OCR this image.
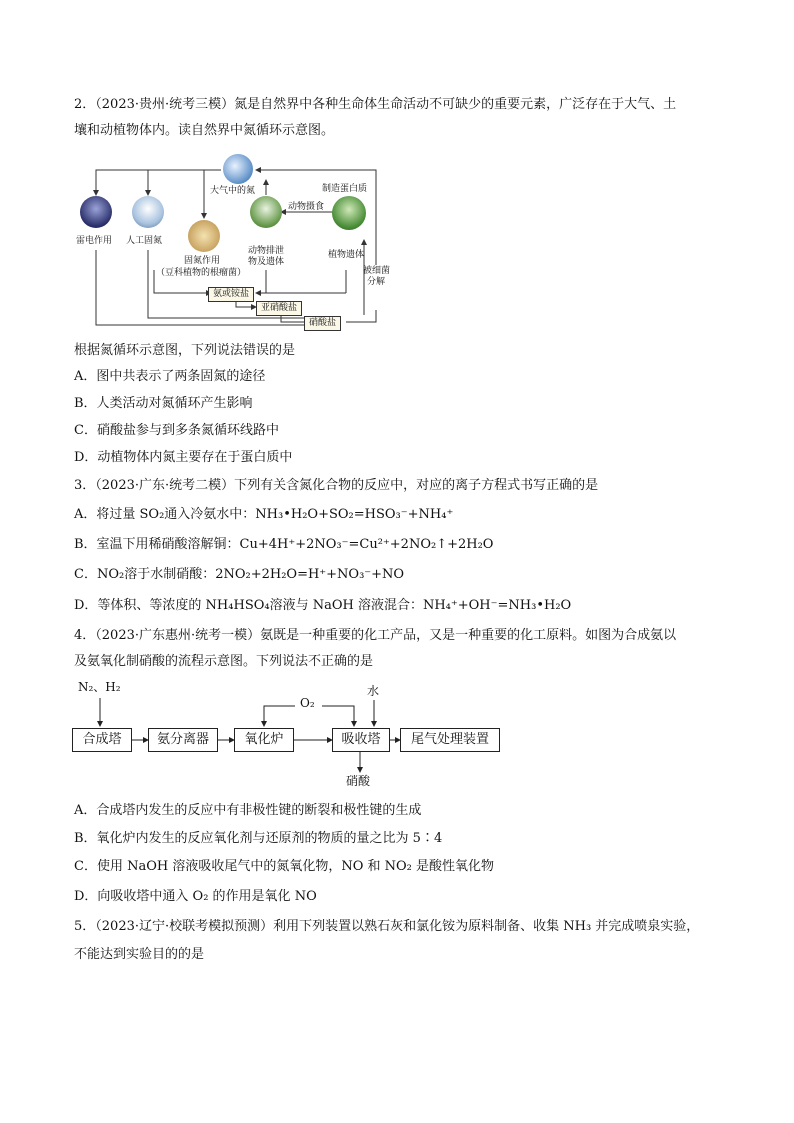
2．（2023·贵州·统考三模）氮是自然界中各种生命体生命活动不可缺少的重要元素，广泛存在于大气、土
壤和动植物体内。读自然界中氮循环示意图。
大气中的氮
雷电作用 人工固氮
固氮作用
（豆科植物的根瘤菌）
动物排泄
物及遗体
动物摄食
制造蛋白质
植物遗体
被细菌
分解
氨或铵盐
亚硝酸盐
硝酸盐
根据氮循环示意图，下列说法错误的是
A．图中共表示了两条固氮的途径
B．人类活动对氮循环产生影响
C．硝酸盐参与到多条氮循环线路中
D．动植物体内氮主要存在于蛋白质中
3．（2023·广东·统考二模）下列有关含氮化合物的反应中，对应的离子方程式书写正确的是
A．将过量 SO₂通入冷氨水中：NH₃•H₂O+SO₂=HSO₃⁻+NH₄⁺
B．室温下用稀硝酸溶解铜：Cu+4H⁺+2NO₃⁻=Cu²⁺+2NO₂↑+2H₂O
C．NO₂溶于水制硝酸：2NO₂+2H₂O=H⁺+NO₃⁻+NO
D．等体积、等浓度的 NH₄HSO₄溶液与 NaOH 溶液混合：NH₄⁺+OH⁻=NH₃•H₂O
4．（2023·广东惠州·统考一模）氨既是一种重要的化工产品，又是一种重要的化工原料。如图为合成氨以
及氨氧化制硝酸的流程示意图。下列说法不正确的是
N₂、H₂
O₂
水
硝酸
合成塔	氨分离器	氧化炉	吸收塔	尾气处理装置
A．合成塔内发生的反应中有非极性键的断裂和极性键的生成
B．氧化炉内发生的反应氧化剂与还原剂的物质的量之比为 5∶4
C．使用 NaOH 溶液吸收尾气中的氮氧化物，NO 和 NO₂ 是酸性氧化物
D．向吸收塔中通入 O₂ 的作用是氧化 NO
5．（2023·辽宁·校联考模拟预测）利用下列装置以熟石灰和氯化铵为原料制备、收集 NH₃ 并完成喷泉实验，
不能达到实验目的的是
